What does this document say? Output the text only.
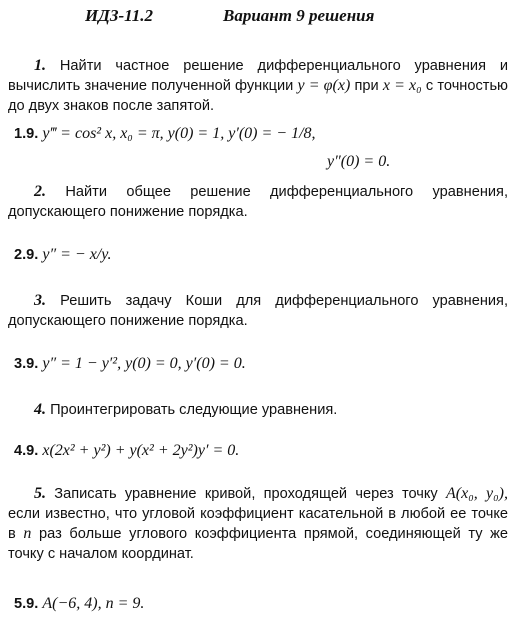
ИДЗ-11.2	Вариант 9 решения
1. Найти частное решение дифференциального уравнения и вычислить значение полученной функции y = φ(x) при x = x₀ с точностью до двух знаков после запятой.
1.9. y‴ = cos² x, x₀ = π, y(0) = 1, y′(0) = − 1/8,
y″(0) = 0.
2. Найти общее решение дифференциального уравнения, допускающего понижение порядка.
2.9. y″ = − x/y.
3. Решить задачу Коши для дифференциального уравнения, допускающего понижение порядка.
3.9. y″ = 1 − y′², y(0) = 0, y′(0) = 0.
4. Проинтегрировать следующие уравнения.
4.9. x(2x² + y²) + y(x² + 2y²)y′ = 0.
5. Записать уравнение кривой, проходящей через точку A(x₀, y₀), если известно, что угловой коэффициент касательной в любой ее точке в n раз больше углового коэффициента прямой, соединяющей ту же точку с началом координат.
5.9. A(−6, 4), n = 9.
